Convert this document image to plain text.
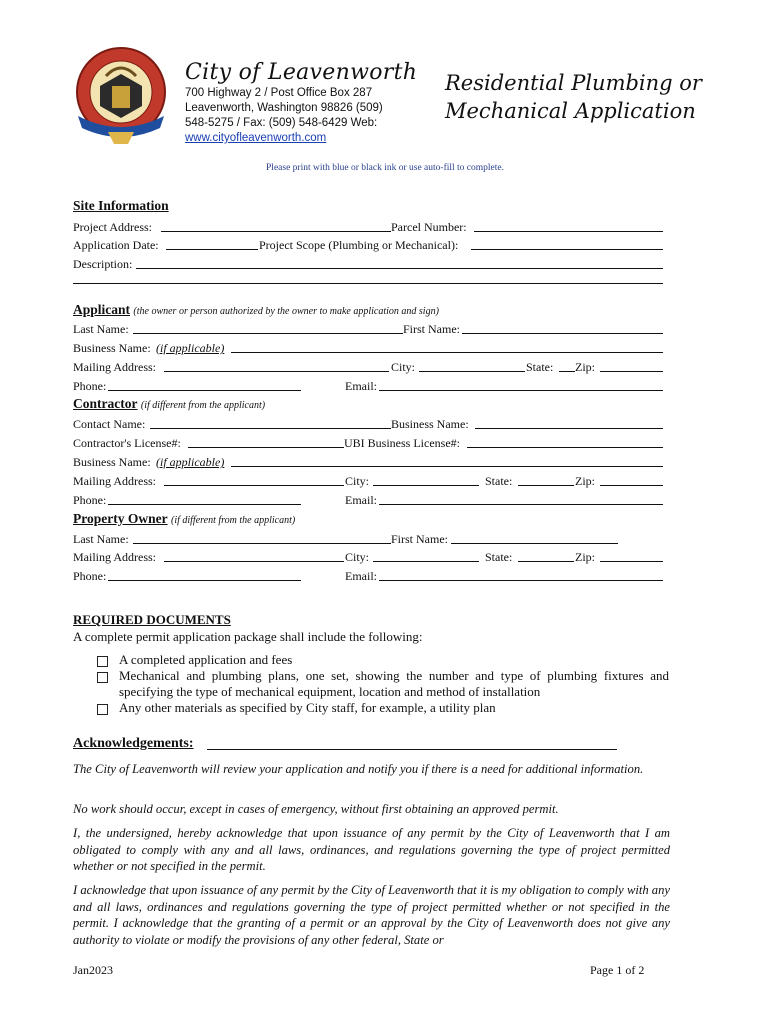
City of Leavenworth
700 Highway 2 / Post Office Box 287 Leavenworth, Washington 98826 (509) 548-5275 / Fax: (509) 548-6429 Web:
www.cityofleavenworth.com
Residential Plumbing or
Mechanical Application
Please print with blue or black ink or use auto-fill to complete.
Site Information
Project Address:	Parcel Number:
Application Date:	Project Scope (Plumbing or Mechanical):
Description:
Applicant (the owner or person authorized by the owner to make application and sign)
Last Name:	First Name:
Business Name: (if applicable)
Mailing Address:	City:	State: Zip:
Phone:	Email:
Contractor (if different from the applicant)
Contact Name:	Business Name:
Contractor's License#:	UBI Business License#:
Business Name: (if applicable)
Mailing Address:	City:	State:	Zip:
Phone:	Email:
Property Owner (if different from the applicant)
Last Name:	First Name:
Mailing Address:	City:	State:	Zip:
Phone:	Email:
REQUIRED DOCUMENTS
A complete permit application package shall include the following:
A completed application and fees
Mechanical and plumbing plans, one set, showing the number and type of plumbing fixtures and specifying the type of mechanical equipment, location and method of installation
Any other materials as specified by City staff, for example, a utility plan
Acknowledgements:
The City of Leavenworth will review your application and notify you if there is a need for additional information.
No work should occur, except in cases of emergency, without first obtaining an approved permit.
I, the undersigned, hereby acknowledge that upon issuance of any permit by the City of Leavenworth that I am obligated to comply with any and all laws, ordinances, and regulations governing the type of project permitted whether or not specified in the permit.
I acknowledge that upon issuance of any permit by the City of Leavenworth that it is my obligation to comply with any and all laws, ordinances and regulations governing the type of project permitted whether or not specified in the permit. I acknowledge that the granting of a permit or an approval by the City of Leavenworth does not give any authority to violate or modify the provisions of any other federal, State or
Jan2023	Page 1 of 2
